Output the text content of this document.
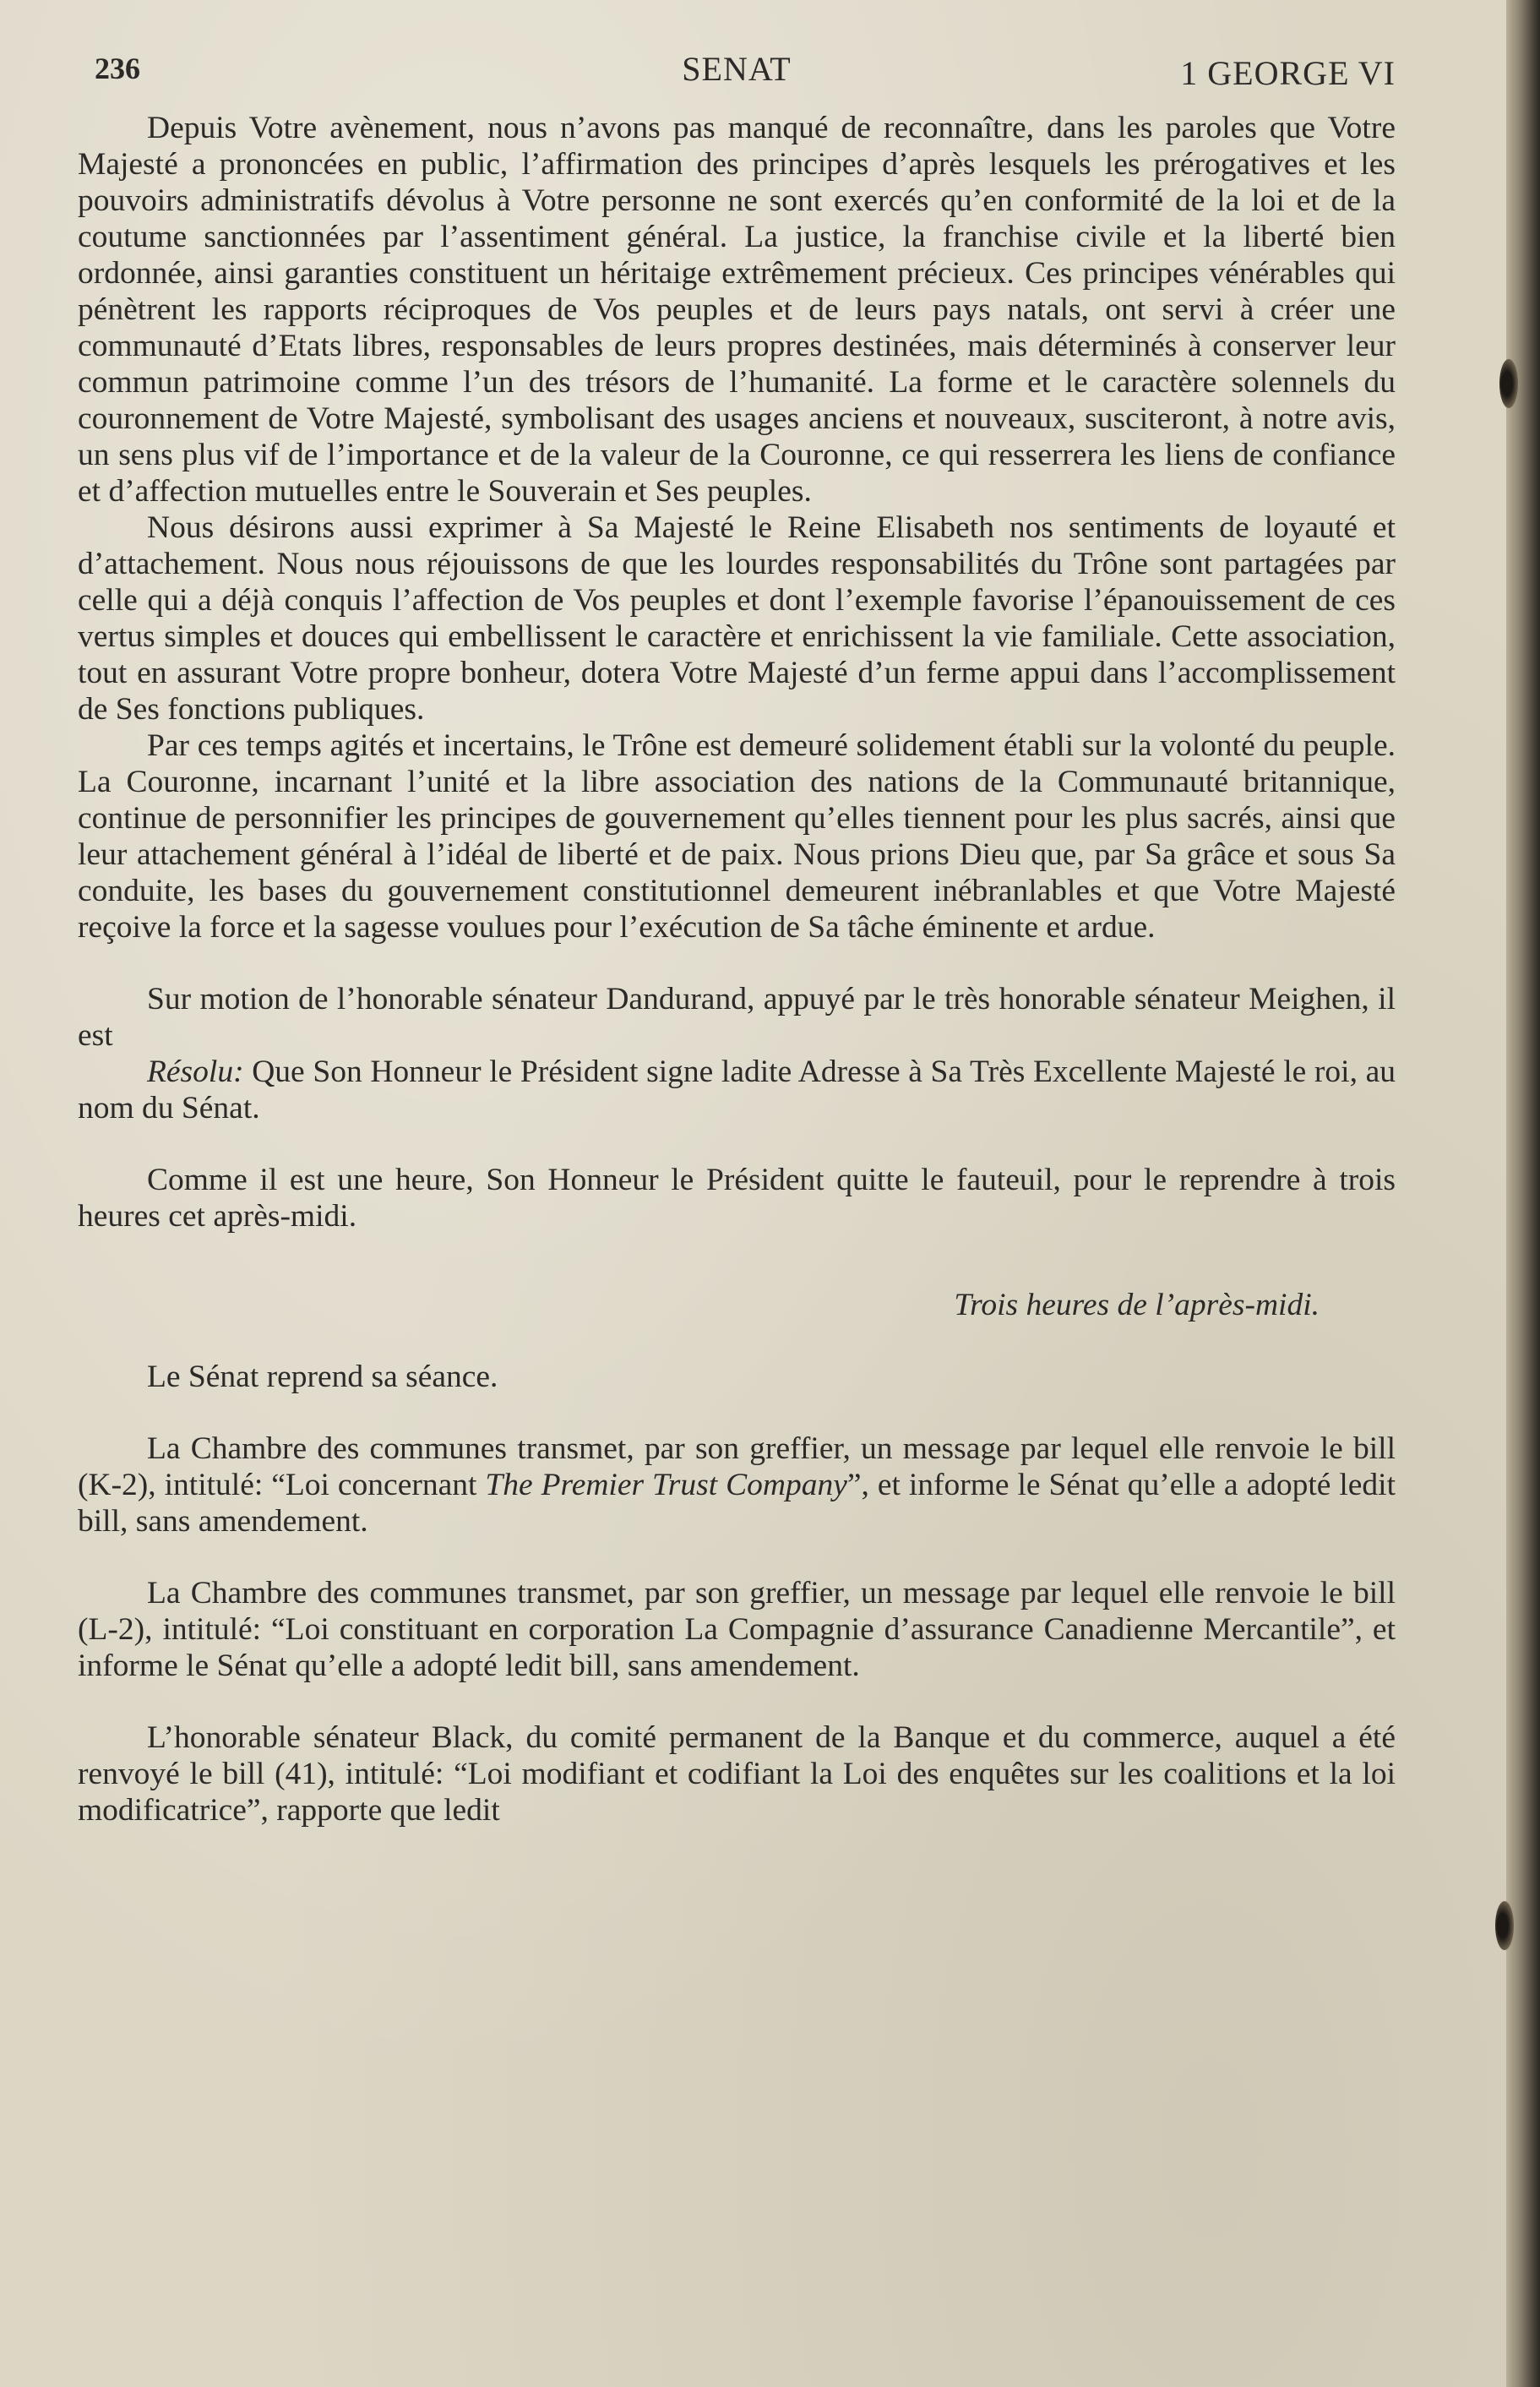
236	SENAT	1 GEORGE VI

Depuis Votre avènement, nous n’avons pas manqué de reconnaître, dans les paroles que Votre Majesté a prononcées en public, l’affirmation des principes d’après lesquels les prérogatives et les pouvoirs administratifs dévolus à Votre personne ne sont exercés qu’en conformité de la loi et de la coutume sanctionnées par l’assentiment général. La justice, la franchise civile et la liberté bien ordonnée, ainsi garanties constituent un héritaige extrêmement précieux. Ces principes vénérables qui pénètrent les rapports réciproques de Vos peuples et de leurs pays natals, ont servi à créer une communauté d’Etats libres, responsables de leurs propres destinées, mais déterminés à conserver leur commun patrimoine comme l’un des trésors de l’humanité. La forme et le caractère solennels du couronnement de Votre Majesté, symbolisant des usages anciens et nouveaux, susciteront, à notre avis, un sens plus vif de l’importance et de la valeur de la Couronne, ce qui resserrera les liens de confiance et d’affection mutuelles entre le Souverain et Ses peuples.

Nous désirons aussi exprimer à Sa Majesté le Reine Elisabeth nos sentiments de loyauté et d’attachement. Nous nous réjouissons de que les lourdes responsabilités du Trône sont partagées par celle qui a déjà conquis l’affection de Vos peuples et dont l’exemple favorise l’épanouissement de ces vertus simples et douces qui embellissent le caractère et enrichissent la vie familiale. Cette association, tout en assurant Votre propre bonheur, dotera Votre Majesté d’un ferme appui dans l’accomplissement de Ses fonctions publiques.

Par ces temps agités et incertains, le Trône est demeuré solidement établi sur la volonté du peuple. La Couronne, incarnant l’unité et la libre association des nations de la Communauté britannique, continue de personnifier les principes de gouvernement qu’elles tiennent pour les plus sacrés, ainsi que leur attachement général à l’idéal de liberté et de paix. Nous prions Dieu que, par Sa grâce et sous Sa conduite, les bases du gouvernement constitutionnel demeurent inébranlables et que Votre Majesté reçoive la force et la sagesse voulues pour l’exécution de Sa tâche éminente et ardue.

Sur motion de l’honorable sénateur Dandurand, appuyé par le très honorable sénateur Meighen, il est

Résolu: Que Son Honneur le Président signe ladite Adresse à Sa Très Excellente Majesté le roi, au nom du Sénat.

Comme il est une heure, Son Honneur le Président quitte le fauteuil, pour le reprendre à trois heures cet après-midi.

Trois heures de l’après-midi.

Le Sénat reprend sa séance.

La Chambre des communes transmet, par son greffier, un message par lequel elle renvoie le bill (K-2), intitulé: “Loi concernant The Premier Trust Company”, et informe le Sénat qu’elle a adopté ledit bill, sans amendement.

La Chambre des communes transmet, par son greffier, un message par lequel elle renvoie le bill (L-2), intitulé: “Loi constituant en corporation La Compagnie d’assurance Canadienne Mercantile”, et informe le Sénat qu’elle a adopté ledit bill, sans amendement.

L’honorable sénateur Black, du comité permanent de la Banque et du commerce, auquel a été renvoyé le bill (41), intitulé: “Loi modifiant et codifiant la Loi des enquêtes sur les coalitions et la loi modificatrice”, rapporte que ledit
